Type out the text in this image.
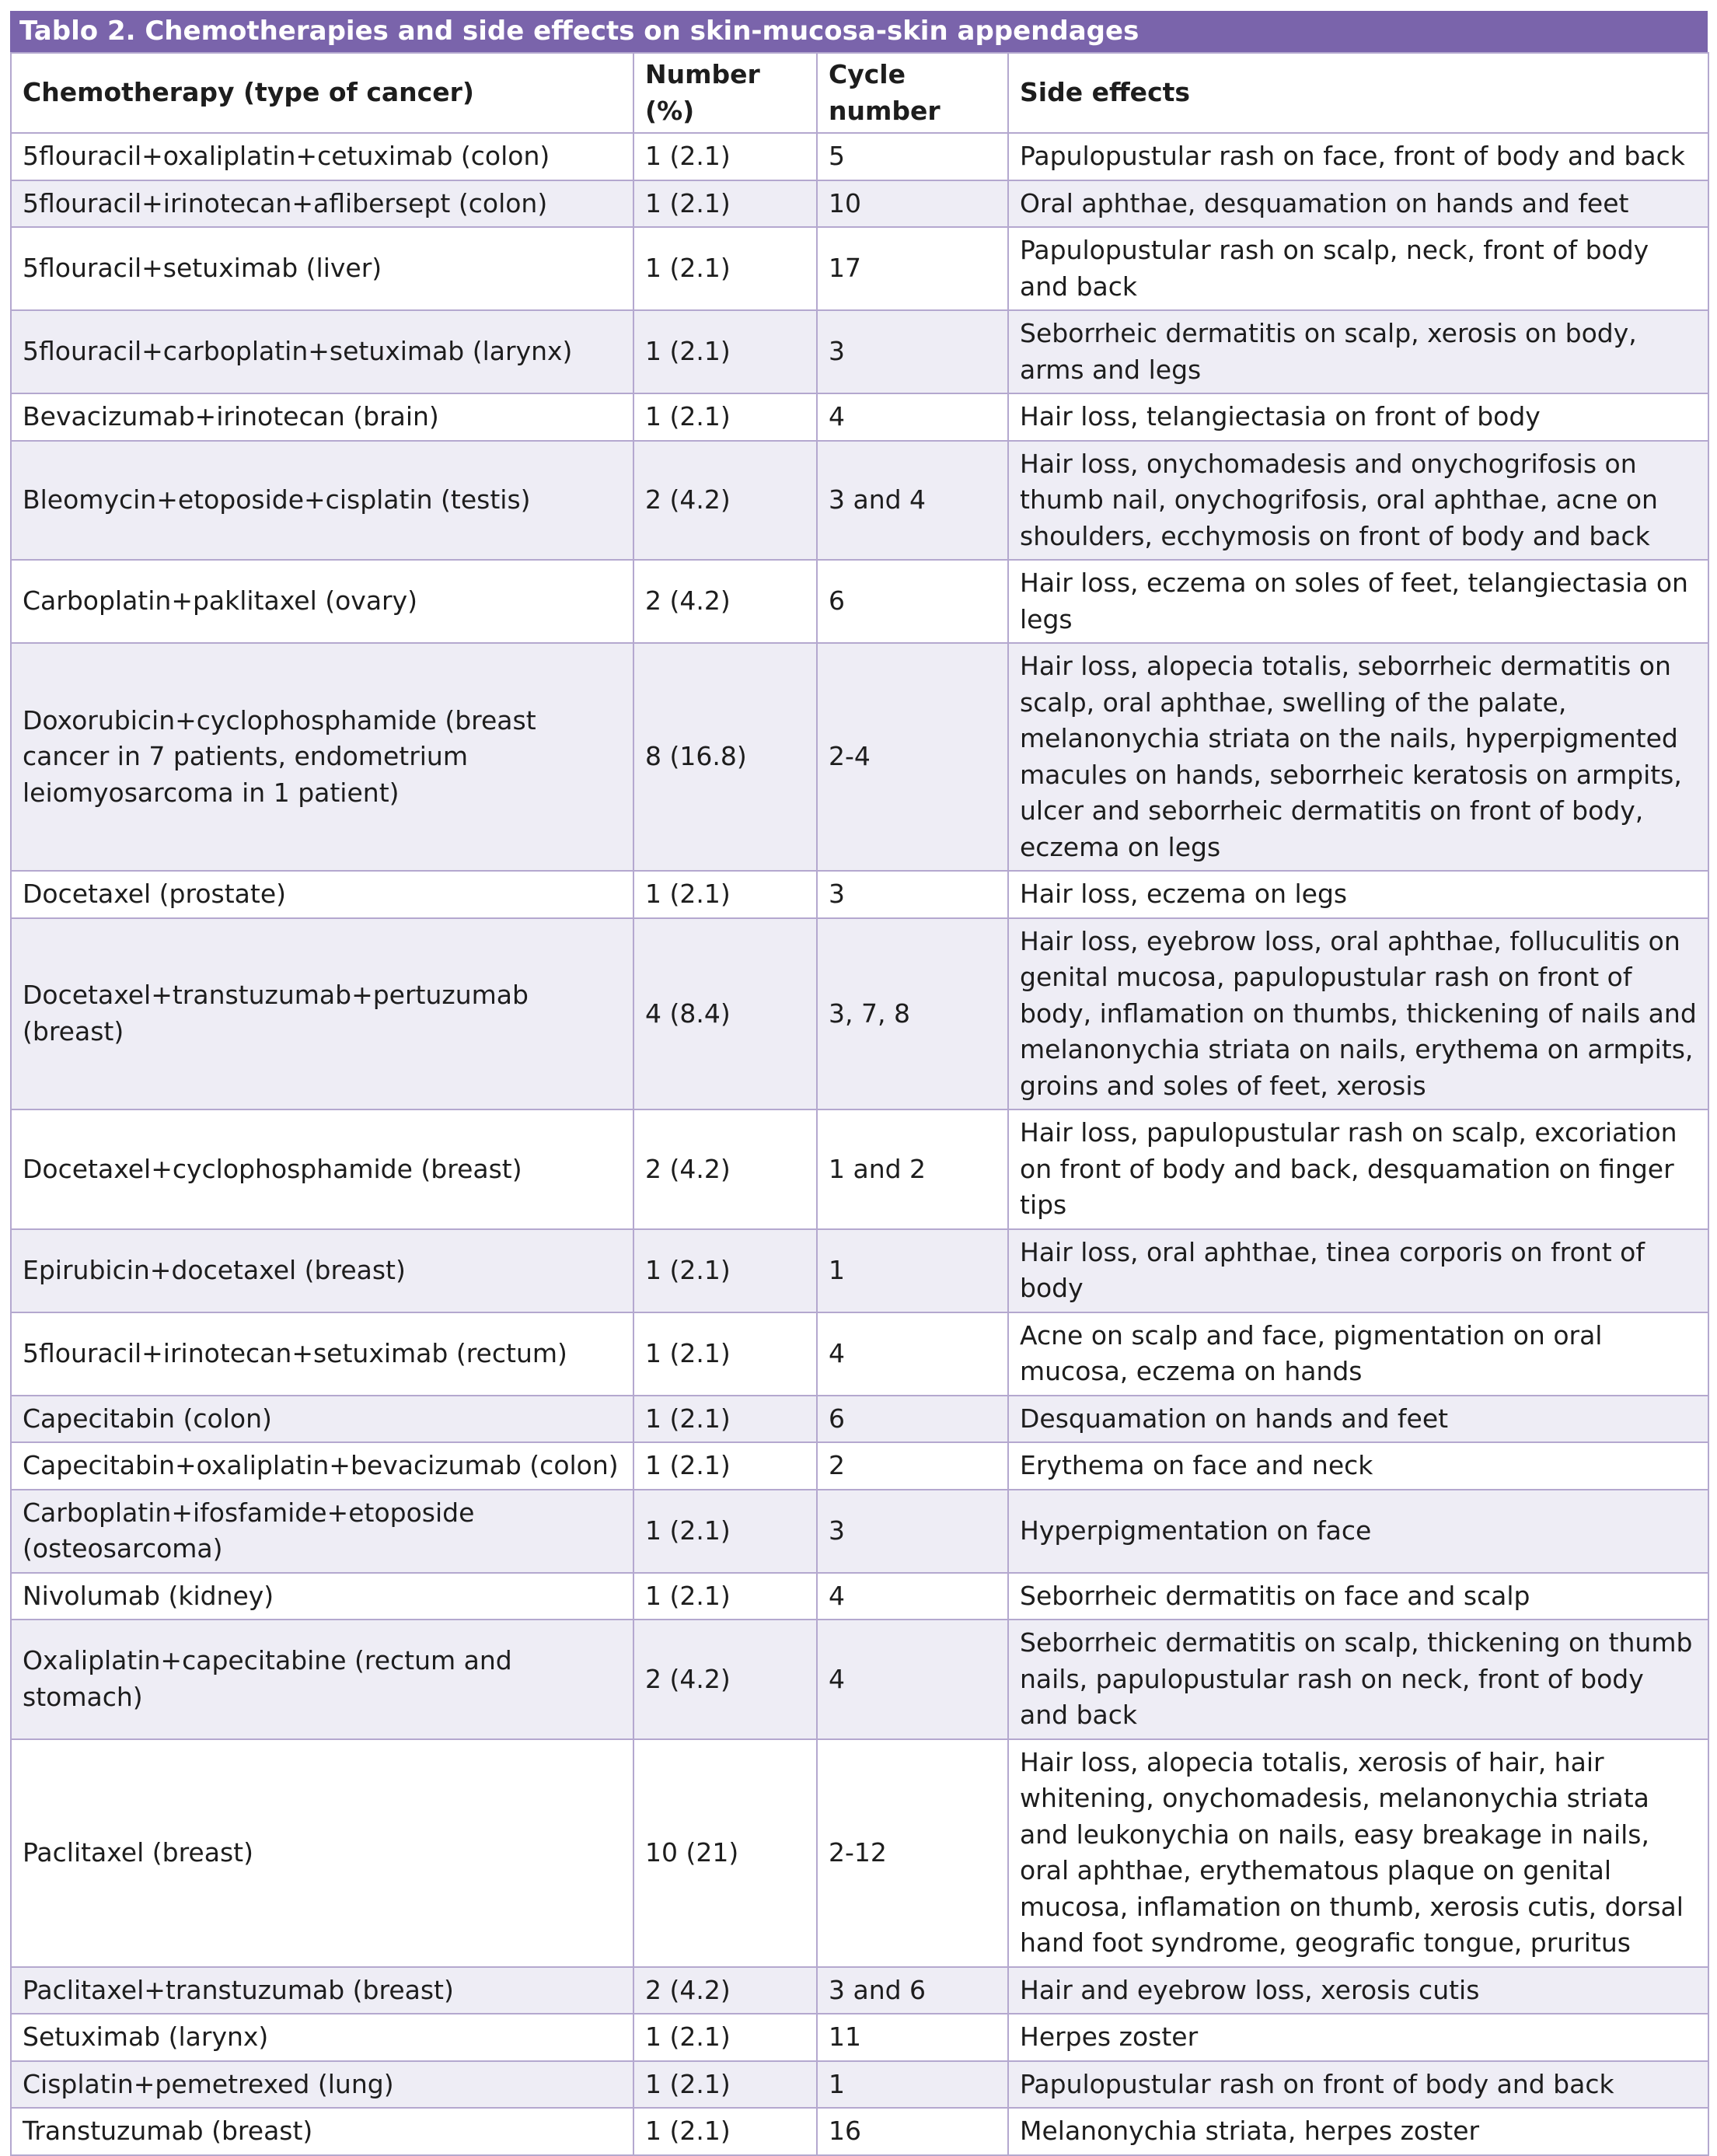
Tablo 2. Chemotherapies and side effects on skin-mucosa-skin appendages
Chemotherapy (type of cancer)	Number (%)	Cycle number	Side effects
5flouracil+oxaliplatin+cetuximab (colon)	1 (2.1)	5	Papulopustular rash on face, front of body and back
5flouracil+irinotecan+aflibersept (colon)	1 (2.1)	10	Oral aphthae, desquamation on hands and feet
5flouracil+setuximab (liver)	1 (2.1)	17	Papulopustular rash on scalp, neck, front of body and back
5flouracil+carboplatin+setuximab (larynx)	1 (2.1)	3	Seborrheic dermatitis on scalp, xerosis on body, arms and legs
Bevacizumab+irinotecan (brain)	1 (2.1)	4	Hair loss, telangiectasia on front of body
Bleomycin+etoposide+cisplatin (testis)	2 (4.2)	3 and 4	Hair loss, onychomadesis and onychogrifosis on thumb nail, onychogrifosis, oral aphthae, acne on shoulders, ecchymosis on front of body and back
Carboplatin+paklitaxel (ovary)	2 (4.2)	6	Hair loss, eczema on soles of feet, telangiectasia on legs
Doxorubicin+cyclophosphamide (breast cancer in 7 patients, endometrium leiomyosarcoma in 1 patient)	8 (16.8)	2-4	Hair loss, alopecia totalis, seborrheic dermatitis on scalp, oral aphthae, swelling of the palate, melanonychia striata on the nails, hyperpigmented macules on hands, seborrheic keratosis on armpits, ulcer and seborrheic dermatitis on front of body, eczema on legs
Docetaxel (prostate)	1 (2.1)	3	Hair loss, eczema on legs
Docetaxel+transtuzumab+pertuzumab (breast)	4 (8.4)	3, 7, 8	Hair loss, eyebrow loss, oral aphthae, folluculitis on genital mucosa, papulopustular rash on front of body, inflamation on thumbs, thickening of nails and melanonychia striata on nails, erythema on armpits, groins and soles of feet, xerosis
Docetaxel+cyclophosphamide (breast)	2 (4.2)	1 and 2	Hair loss, papulopustular rash on scalp, excoriation on front of body and back, desquamation on finger tips
Epirubicin+docetaxel (breast)	1 (2.1)	1	Hair loss, oral aphthae, tinea corporis on front of body
5flouracil+irinotecan+setuximab (rectum)	1 (2.1)	4	Acne on scalp and face, pigmentation on oral mucosa, eczema on hands
Capecitabin (colon)	1 (2.1)	6	Desquamation on hands and feet
Capecitabin+oxaliplatin+bevacizumab (colon)	1 (2.1)	2	Erythema on face and neck
Carboplatin+ifosfamide+etoposide (osteosarcoma)	1 (2.1)	3	Hyperpigmentation on face
Nivolumab (kidney)	1 (2.1)	4	Seborrheic dermatitis on face and scalp
Oxaliplatin+capecitabine (rectum and stomach)	2 (4.2)	4	Seborrheic dermatitis on scalp, thickening on thumb nails, papulopustular rash on neck, front of body and back
Paclitaxel (breast)	10 (21)	2-12	Hair loss, alopecia totalis, xerosis of hair, hair whitening, onychomadesis, melanonychia striata and leukonychia on nails, easy breakage in nails, oral aphthae, erythematous plaque on genital mucosa, inflamation on thumb, xerosis cutis, dorsal hand foot syndrome, geografic tongue, pruritus
Paclitaxel+transtuzumab (breast)	2 (4.2)	3 and 6	Hair and eyebrow loss, xerosis cutis
Setuximab (larynx)	1 (2.1)	11	Herpes zoster
Cisplatin+pemetrexed (lung)	1 (2.1)	1	Papulopustular rash on front of body and back
Transtuzumab (breast)	1 (2.1)	16	Melanonychia striata, herpes zoster
